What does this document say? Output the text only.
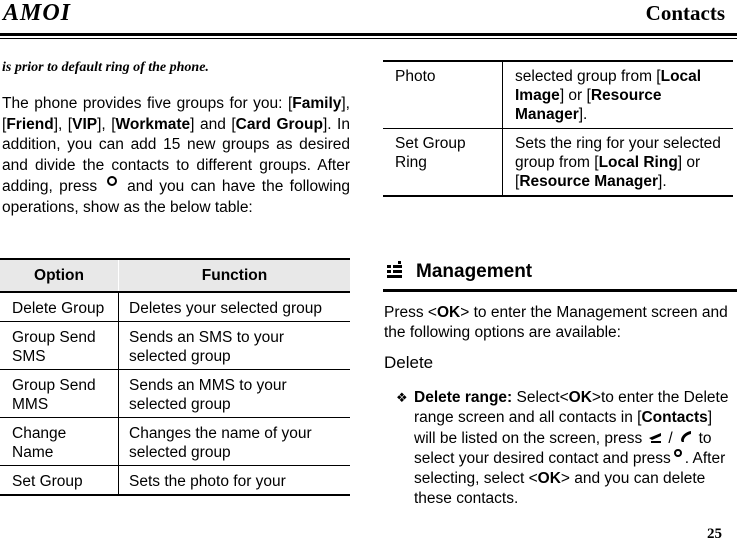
AMOI	Contacts
is prior to default ring of the phone.
The phone provides five groups for you: [Family], [Friend], [VIP], [Workmate] and [Card Group]. In addition, you can add 15 new groups as desired and divide the contacts to different groups. After adding, press and you can have the following operations, show as the below table:
Option	Function
Delete Group	Deletes your selected group
Group Send SMS	Sends an SMS to your selected group
Group Send MMS	Sends an MMS to your selected group
Change Name	Changes the name of your selected group
Set Group	Sets the photo for your
Photo	selected group from [Local Image] or [Resource Manager].
Set Group Ring	Sets the ring for your selected group from [Local Ring] or [Resource Manager].
Management
Press <OK> to enter the Management screen and the following options are available:
Delete
❖ Delete range: Select<OK>to enter the Delete range screen and all contacts in [Contacts] will be listed on the screen, press / to select your desired contact and press . After selecting, select <OK> and you can delete these contacts.
25
